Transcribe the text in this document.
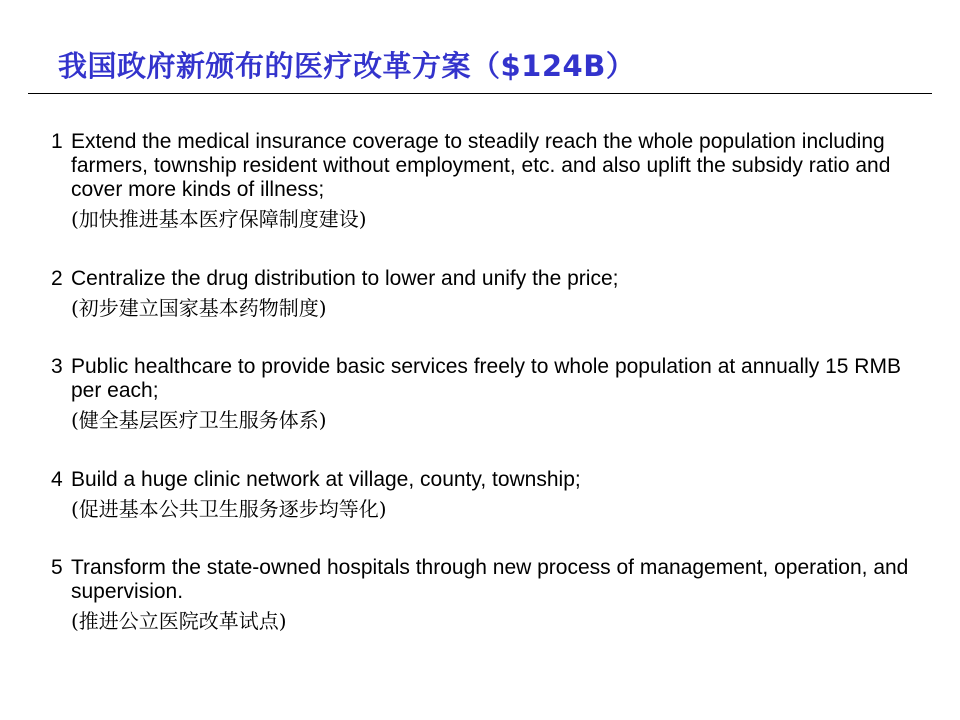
我国政府新颁布的医疗改革方案（$124B）
1 Extend the medical insurance coverage to steadily reach the whole population including farmers, township resident without employment, etc. and also uplift the subsidy ratio and cover more kinds of illness;

(加快推进基本医疗保障制度建设)
2 Centralize the drug distribution to lower and unify the price;

(初步建立国家基本药物制度)
3 Public healthcare to provide basic services freely to whole population at annually 15 RMB per each;

(健全基层医疗卫生服务体系)
4 Build a huge clinic network at village, county, township;

(促进基本公共卫生服务逐步均等化)
5 Transform the state-owned hospitals through new process of management, operation, and supervision.

(推进公立医院改革试点)
